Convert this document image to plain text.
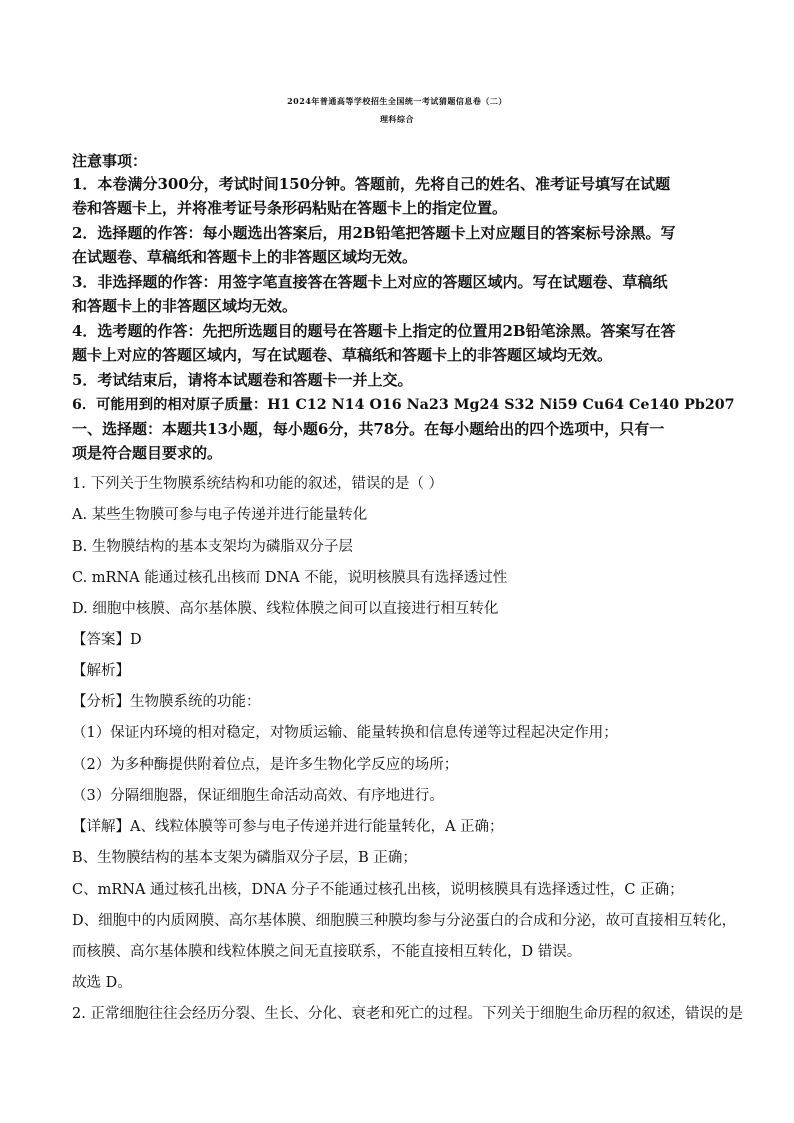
2024年普通高等学校招生全国统一考试猜题信息卷（二）
理科综合
注意事项：
1．本卷满分300分，考试时间150分钟。答题前，先将自己的姓名、准考证号填写在试题
卷和答题卡上，并将准考证号条形码粘贴在答题卡上的指定位置。
2．选择题的作答：每小题选出答案后，用2B铅笔把答题卡上对应题目的答案标号涂黑。写
在试题卷、草稿纸和答题卡上的非答题区域均无效。
3．非选择题的作答：用签字笔直接答在答题卡上对应的答题区域内。写在试题卷、草稿纸
和答题卡上的非答题区域均无效。
4．选考题的作答：先把所选题目的题号在答题卡上指定的位置用2B铅笔涂黑。答案写在答
题卡上对应的答题区域内，写在试题卷、草稿纸和答题卡上的非答题区域均无效。
5．考试结束后，请将本试题卷和答题卡一并上交。
6．可能用到的相对原子质量：H1 C12 N14 O16 Na23 Mg24 S32 Ni59 Cu64 Ce140 Pb207
一、选择题：本题共13小题，每小题6分，共78分。在每小题给出的四个选项中，只有一
项是符合题目要求的。
1. 下列关于生物膜系统结构和功能的叙述，错误的是（ ）
A. 某些生物膜可参与电子传递并进行能量转化
B. 生物膜结构的基本支架均为磷脂双分子层
C. mRNA 能通过核孔出核而 DNA 不能，说明核膜具有选择透过性
D. 细胞中核膜、高尔基体膜、线粒体膜之间可以直接进行相互转化
【答案】D
【解析】
【分析】生物膜系统的功能：
（1）保证内环境的相对稳定，对物质运输、能量转换和信息传递等过程起决定作用；
（2）为多种酶提供附着位点，是许多生物化学反应的场所；
（3）分隔细胞器，保证细胞生命活动高效、有序地进行。
【详解】A、线粒体膜等可参与电子传递并进行能量转化，A 正确；
B、生物膜结构的基本支架为磷脂双分子层，B 正确；
C、mRNA 通过核孔出核，DNA 分子不能通过核孔出核，说明核膜具有选择透过性，C 正确；
D、细胞中的内质网膜、高尔基体膜、细胞膜三种膜均参与分泌蛋白的合成和分泌，故可直接相互转化，
而核膜、高尔基体膜和线粒体膜之间无直接联系，不能直接相互转化，D 错误。
故选 D。
2. 正常细胞往往会经历分裂、生长、分化、衰老和死亡的过程。下列关于细胞生命历程的叙述，错误的是
